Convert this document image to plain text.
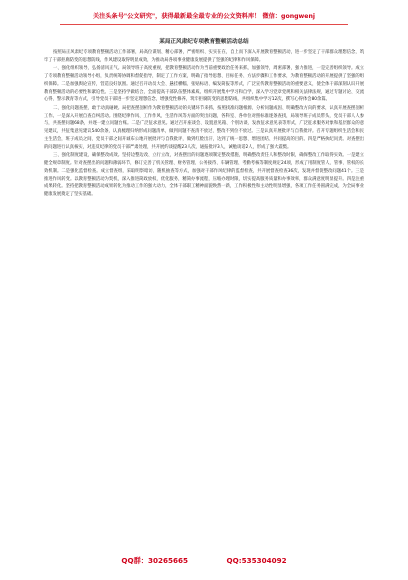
关注头条号"公文研究"，获得最新最全最专业的公文资料库！ 微信：gongwenj
某局正风肃纪专项教育整顿活动总结

按照局正风肃纪专项教育整顿活动工作部署，局高位谋划、精心部署，严密组织、实实在在，自上而下深入开展教育整顿活动，进一步坚定了干部群众理想信念，筑牢了干部拒腐防变的思想防线，作风建设取得明显成效，为推动局各项事业健康发展提供了坚强的纪律和作风保障。

一、强化组织领导，弘扬清风正气。局领导班子高度重视，把教育整顿活动作为当前重要政治任务来抓，加强领导，周密部署，强力推进，一是完善组织领导。成立了专项教育整顿活动领导小组，负责统筹协调和督促指导，制定了工作方案，明确了指导思想、目标任务、方法步骤和工作要求，为教育整顿活动的开展提供了坚强的组织保障。二是加强舆论宣传，营造良好氛围。通过召开动员大会、悬挂横幅、张贴标语、编发简报等形式，广泛宣传教育整顿活动的重要意义，使全体干部深刻认识开展教育整顿活动的必要性和紧迫性。三是坚持学做结合，全面提高干部队伍整体素质。组织开展集中学习和自学，深入学习党章党规和相关法律法规，通过专题讨论、交流心得、警示教育等方式，引导党员干部进一步坚定理想信念，增强党性修养，筑牢拒腐防变的思想防线，共组织集中学习12次，撰写心得体会80余篇。

二、强化问题查摆，敢于动真碰硬。局把查摆剖析作为教育整顿活动的关键环节来抓，按照找准问题根源、分析问题成因、明确整改方向的要求，认真开展查摆剖析工作。一是深入开展自查自纠活动。围绕纪律作风、工作作风、生活作风等方面的突出问题，各科室、各单位对照标准逐条查找，局领导班子成员带头，党员干部人人参与，共查摆问题68条，并逐一建立问题台账。二是广泛征求意见。通过召开座谈会、设置意见箱、个别访谈、发放征求意见表等形式，广泛征求服务对象和基层群众的意见建议，共征集意见建议540余条，认真梳理归纳形成问题清单，做到问题不查清不放过、整改不到位不放过。三是认真开展批评与自我批评。召开专题组织生活会和民主生活会，班子成员之间、党员干部之间开诚布公地开展批评与自我批评，做到红脸出汗，达到了统一思想、增进团结、共同提高的目的。四是严格执纪问责。对查摆出的问题进行认真核实，对违反纪律的党员干部严肃处理，共开展约谈提醒23人次，通报批评3人，诫勉谈话2人，形成了强大震慑。

三、强化制度建设，确保整改成效。坚持边整边改、立行立改，对查摆出的问题逐项制定整改措施，明确整改责任人和整改时限，确保整改工作取得实效。一是建立健全规章制度。针对查摆出的问题和薄弱环节，修订完善了机关管理、财务管理、公务接待、车辆管理、考勤考核等制度规定24项，形成了用制度管人、管事、管权的长效机制。二是强化监督检查。成立督查组，采取明察暗访、随机抽查等方式，加强对干部作风纪律的监督检查，共开展督查检查36次，发现并督促整改问题41个。三是推进作风转变。以教育整顿活动为契机，深入推进简政放权、优化服务，精简办事流程，压缩办理时限，切实提高服务质量和办事效率，群众满意度明显提升。四是注重成果转化。坚持把教育整顿活动成果转化为推动工作的强大动力，全体干部职工精神面貌焕然一新，工作积极性和主动性明显增强，各项工作任务圆满完成，为全局事业健康发展奠定了坚实基础。

QQ群：30265665	QQ:535304092
